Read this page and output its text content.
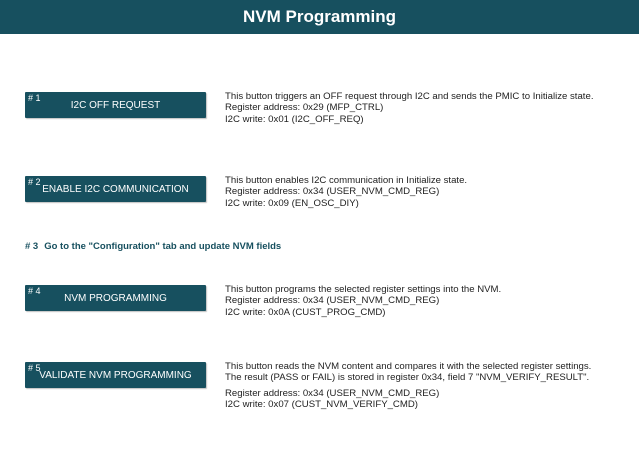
NVM Programming
# 1
I2C OFF REQUEST
This button triggers an OFF request through I2C and sends the PMIC to Initialize state.
Register address: 0x29 (MFP_CTRL)
I2C write: 0x01 (I2C_OFF_REQ)
# 2
ENABLE I2C COMMUNICATION
This button enables I2C communication in Initialize state.
Register address: 0x34 (USER_NVM_CMD_REG)
I2C write: 0x09 (EN_OSC_DIY)
# 3 Go to the "Configuration" tab and update NVM fields
# 4
NVM PROGRAMMING
This button programs the selected register settings into the NVM.
Register address: 0x34 (USER_NVM_CMD_REG)
I2C write: 0x0A (CUST_PROG_CMD)
# 5
VALIDATE NVM PROGRAMMING
This button reads the NVM content and compares it with the selected register settings.
The result (PASS or FAIL) is stored in register 0x34, field 7 "NVM_VERIFY_RESULT".
Register address: 0x34 (USER_NVM_CMD_REG)
I2C write: 0x07 (CUST_NVM_VERIFY_CMD)
